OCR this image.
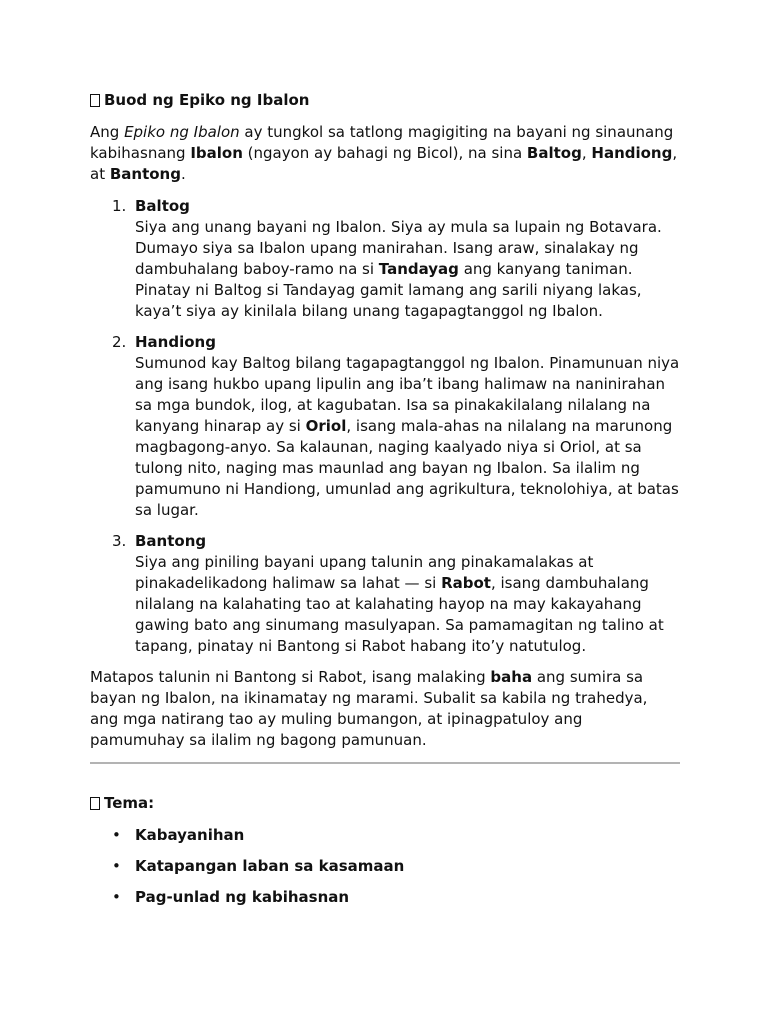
Buod ng Epiko ng Ibalon

Ang Epiko ng Ibalon ay tungkol sa tatlong magigiting na bayani ng sinaunang kabihasnang Ibalon (ngayon ay bahagi ng Bicol), na sina Baltog, Handiong, at Bantong.

1. Baltog
Siya ang unang bayani ng Ibalon. Siya ay mula sa lupain ng Botavara. Dumayo siya sa Ibalon upang manirahan. Isang araw, sinalakay ng dambuhalang baboy-ramo na si Tandayag ang kanyang taniman. Pinatay ni Baltog si Tandayag gamit lamang ang sarili niyang lakas, kaya’t siya ay kinilala bilang unang tagapagtanggol ng Ibalon.
2. Handiong
Sumunod kay Baltog bilang tagapagtanggol ng Ibalon. Pinamunuan niya ang isang hukbo upang lipulin ang iba’t ibang halimaw na naninirahan sa mga bundok, ilog, at kagubatan. Isa sa pinakakilalang nilalang na kanyang hinarap ay si Oriol, isang mala-ahas na nilalang na marunong magbagong-anyo. Sa kalaunan, naging kaalyado niya si Oriol, at sa tulong nito, naging mas maunlad ang bayan ng Ibalon. Sa ilalim ng pamumuno ni Handiong, umunlad ang agrikultura, teknolohiya, at batas sa lugar.
3. Bantong
Siya ang piniling bayani upang talunin ang pinakamalakas at pinakadelikadong halimaw sa lahat — si Rabot, isang dambuhalang nilalang na kalahating tao at kalahating hayop na may kakayahang gawing bato ang sinumang masulyapan. Sa pamamagitan ng talino at tapang, pinatay ni Bantong si Rabot habang ito’y natutulog.

Matapos talunin ni Bantong si Rabot, isang malaking baha ang sumira sa bayan ng Ibalon, na ikinamatay ng marami. Subalit sa kabila ng trahedya, ang mga natirang tao ay muling bumangon, at ipinagpatuloy ang pamumuhay sa ilalim ng bagong pamunuan.

Tema:
• Kabayanihan
• Katapangan laban sa kasamaan
• Pag-unlad ng kabihasnan
